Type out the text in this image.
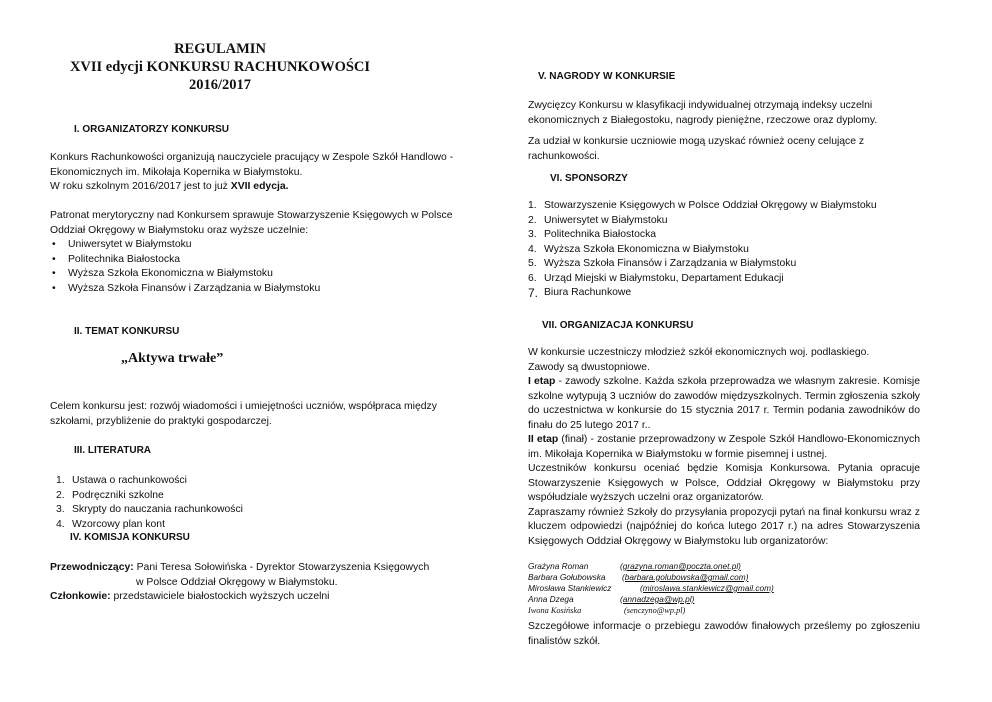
REGULAMIN
XVII edycji KONKURSU RACHUNKOWOŚCI
2016/2017
I. ORGANIZATORZY KONKURSU

Konkurs Rachunkowości organizują nauczyciele pracujący w Zespole Szkół Handlowo - Ekonomicznych im. Mikołaja Kopernika w Białymstoku.

W roku szkolnym 2016/2017 jest to już XVII edycja.

Patronat merytoryczny nad Konkursem sprawuje Stowarzyszenie Księgowych w Polsce Oddział Okręgowy w Białymstoku oraz wyższe uczelnie:

• Uniwersytet w Białymstoku
• Politechnika Białostocka
• Wyższa Szkoła Ekonomiczna w Białymstoku
• Wyższa Szkoła Finansów i Zarządzania w Białymstoku
II. TEMAT KONKURSU
„Aktywa trwałe”

Celem konkursu jest: rozwój wiadomości i umiejętności uczniów, współpraca między szkołami, przybliżenie do praktyki gospodarczej.

III. LITERATURA
1. Ustawa o rachunkowości
2. Podręczniki szkolne
3. Skrypty do nauczania rachunkowości
4. Wzorcowy plan kont
IV. KOMISJA KONKURSU
Przewodniczący: Pani Teresa Sołowińska - Dyrektor Stowarzyszenia Księgowych
w Polsce Oddział Okręgowy w Białymstoku.
Członkowie: przedstawiciele białostockich wyższych uczelni
V. NAGRODY W KONKURSIE

Zwycięzcy Konkursu w klasyfikacji indywidualnej otrzymają indeksy uczelni ekonomicznych z Białegostoku, nagrody pieniężne, rzeczowe oraz dyplomy.

Za udział w konkursie uczniowie mogą uzyskać również oceny celujące z rachunkowości.

VI. SPONSORZY
1. Stowarzyszenie Księgowych w Polsce Oddział Okręgowy w Białymstoku
2. Uniwersytet w Białymstoku
3. Politechnika Białostocka
4. Wyższa Szkoła Ekonomiczna w Białymstoku
5. Wyższa Szkoła Finansów i Zarządzania w Białymstoku
6. Urząd Miejski w Białymstoku, Departament Edukacji
7. Biura Rachunkowe
VII. ORGANIZACJA KONKURSU
W konkursie uczestniczy młodzież szkół ekonomicznych woj. podlaskiego.
Zawody są dwustopniowe.
I etap - zawody szkolne. Każda szkoła przeprowadza we własnym zakresie. Komisje szkolne wytypują 3 uczniów do zawodów międzyszkolnych. Termin zgłoszenia szkoły do uczestnictwa w konkursie do 15 stycznia 2017 r. Termin podania zawodników do finału do 25 lutego 2017 r..
II etap (finał) - zostanie przeprowadzony w Zespole Szkół Handlowo-Ekonomicznych im. Mikołaja Kopernika w Białymstoku w formie pisemnej i ustnej.
Uczestników konkursu oceniać będzie Komisja Konkursowa. Pytania opracuje Stowarzyszenie Księgowych w Polsce, Oddział Okręgowy w Białymstoku przy współudziale wyższych uczelni oraz organizatorów.
Zapraszamy również Szkoły do przysyłania propozycji pytań na finał konkursu wraz z kluczem odpowiedzi (najpóźniej do końca lutego 2017 r.) na adres Stowarzyszenia Księgowych Oddział Okręgowy w Białymstoku lub organizatorów:
Grażyna Roman	(grazyna.roman@poczta.onet.pl)
Barbara Gołubowska	(barbara.golubowska@gmail.com)
Mirosława Stankiewicz	(miroslawa.stankiewicz@gmail.com)
Anna Dzega	(annadzega@wp.pl)
Iwona Kosińska	(senczyno@wp.pl)

Szczegółowe informacje o przebiegu zawodów finałowych prześlemy po zgłoszeniu finalistów szkół.
